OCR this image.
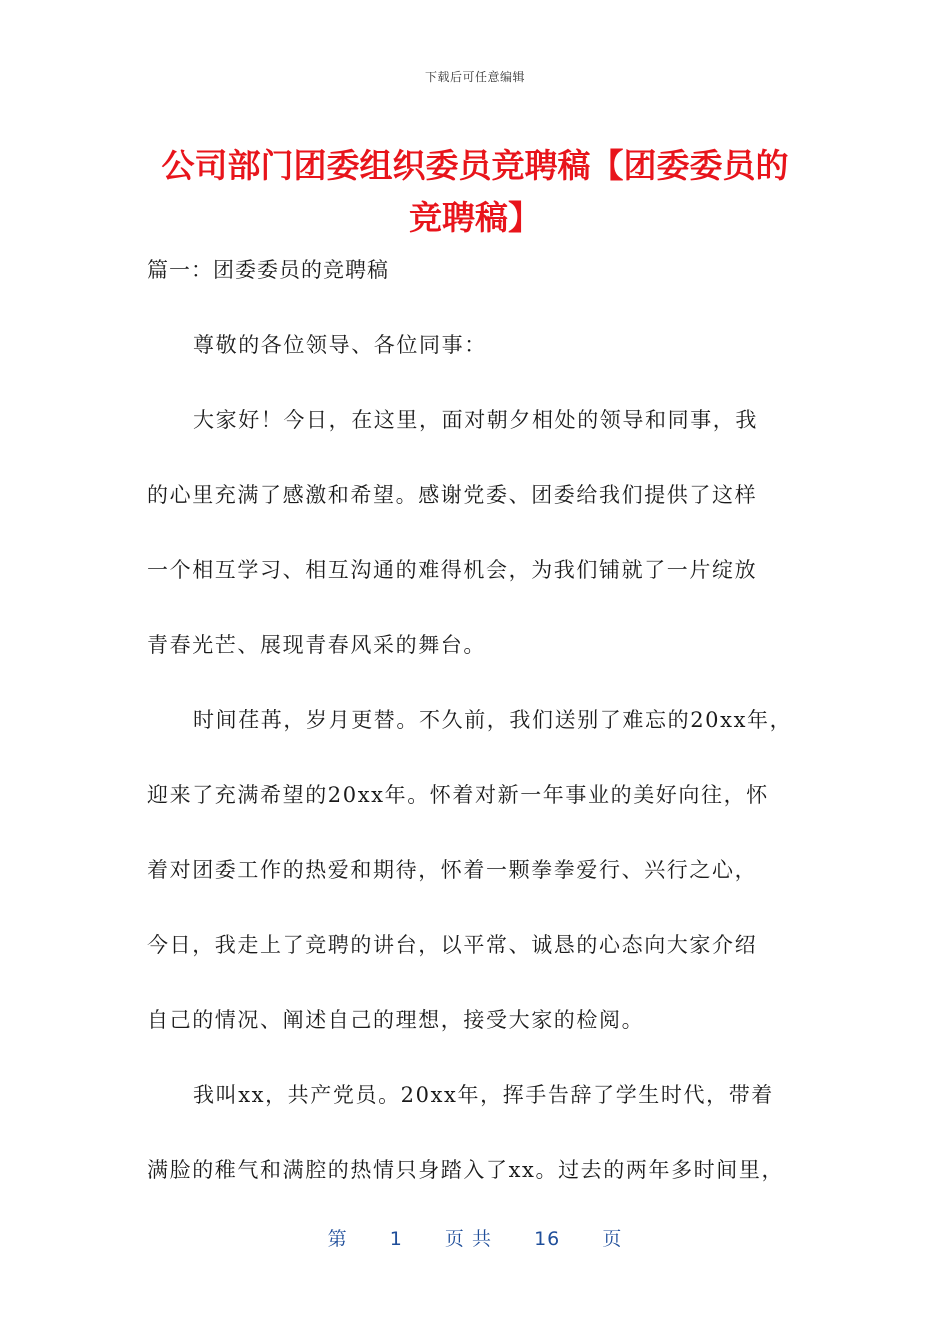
下载后可任意编辑
公司部门团委组织委员竞聘稿【团委委员的
竞聘稿】

篇一：团委委员的竞聘稿

尊敬的各位领导、各位同事：

大家好！今日，在这里，面对朝夕相处的领导和同事，我

的心里充满了感激和希望。感谢党委、团委给我们提供了这样

一个相互学习、相互沟通的难得机会，为我们铺就了一片绽放

青春光芒、展现青春风采的舞台。

时间荏苒，岁月更替。不久前，我们送别了难忘的20xx年，

迎来了充满希望的20xx年。怀着对新一年事业的美好向往，怀

着对团委工作的热爱和期待，怀着一颗拳拳爱行、兴行之心，

今日，我走上了竞聘的讲台，以平常、诚恳的心态向大家介绍

自己的情况、阐述自己的理想，接受大家的检阅。

我叫xx，共产党员。20xx年，挥手告辞了学生时代，带着

满脸的稚气和满腔的热情只身踏入了xx。过去的两年多时间里，

第 1 页 共 16 页
